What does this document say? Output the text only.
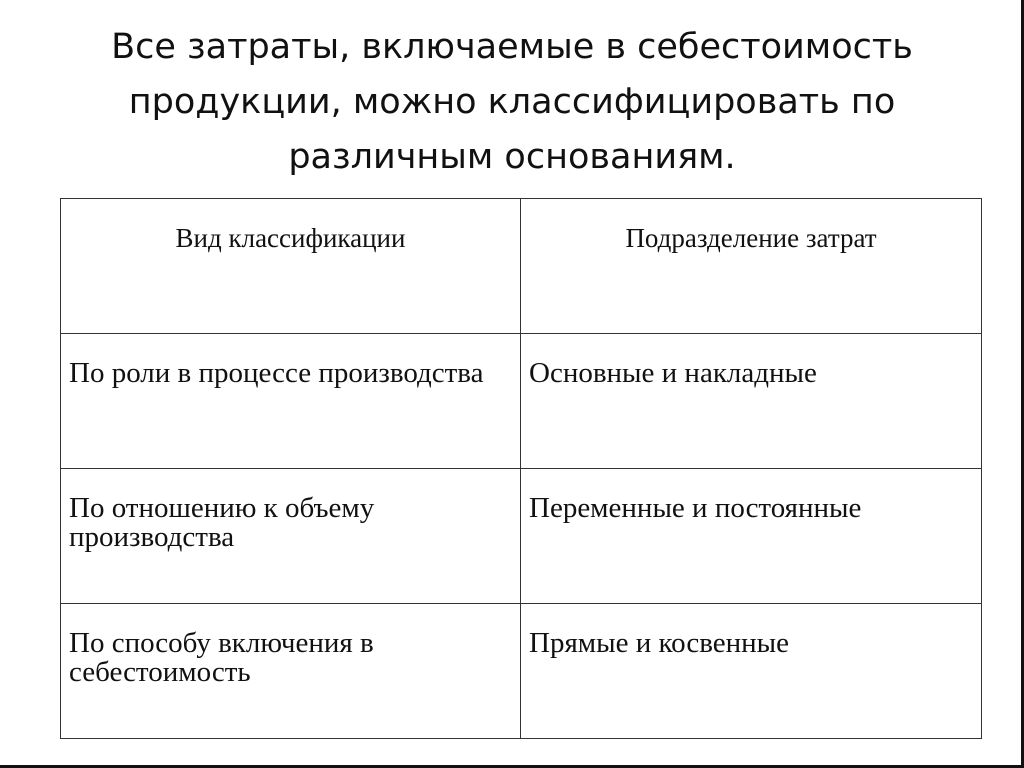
Все затраты, включаемые в себестоимость
продукции, можно классифицировать по
различным основаниям.
Вид классификации	Подразделение затрат
По роли в процессе производства	Основные и накладные
По отношению к объему производства	Переменные и постоянные
По способу включения в себестоимость	Прямые и косвенные
